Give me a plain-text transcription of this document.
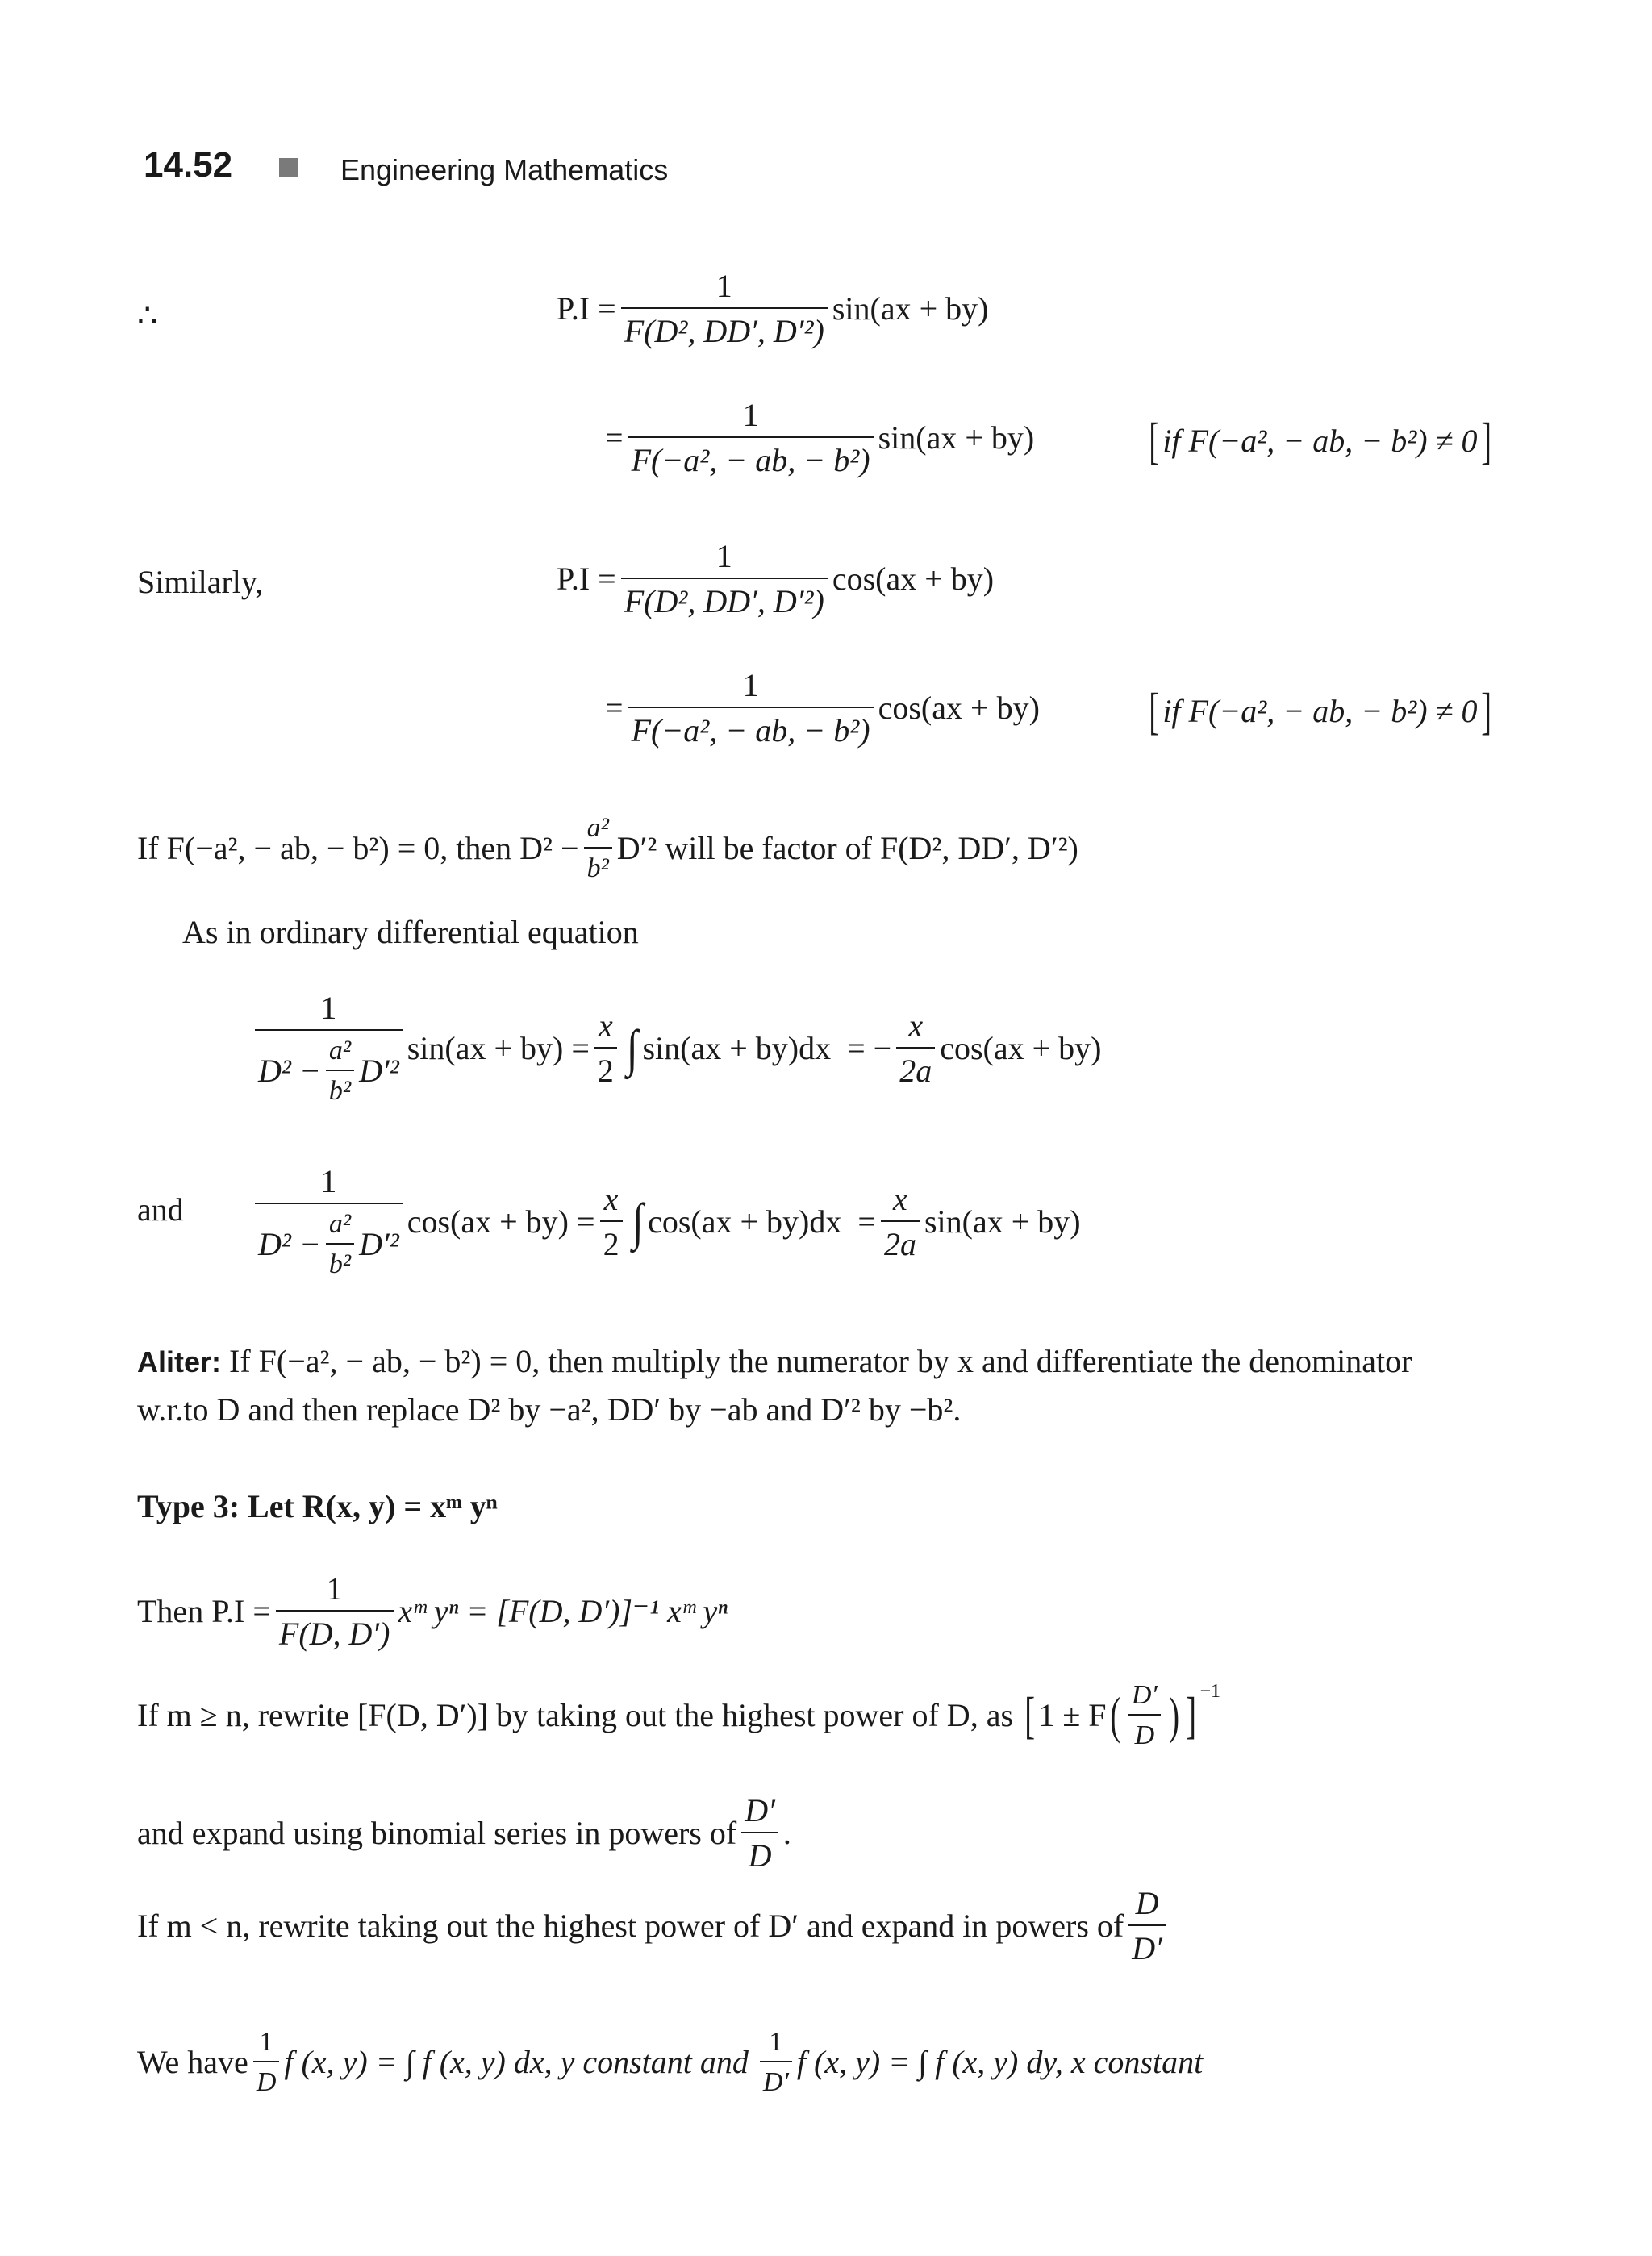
14.52	Engineering Mathematics
∴	$P.I = \frac{1}{\text{F(D², DD′, D′²)}} \sin(ax + by)$
= $\frac{1}{\text{F(−a², − ab, − b²)}} \sin(ax + by)$ [ if F(−a², − ab, − b²) ≠ 0 ]
Similarly,	$P.I = \frac{1}{\text{F(D², DD′, D′²)}} \cos(ax + by)$
= $\frac{1}{\text{F(−a², − ab, − b²)}} \cos(ax + by)$ [ if F(−a², − ab, − b²) ≠ 0 ]
If F(−a², − ab, − b²) = 0, then $D^2 - \frac{\text{a²}}{\text{b²}} D'^2$ will be factor of F(D², DD′, D′²)
As in ordinary differential equation
$\frac{1}{D^2 - \frac{\text{a²}}{\text{b²}} D'^2} \sin(ax + by) = \frac{x}{2}$ ∫ sin(ax + by)dx = − $\frac{x}{2a} \cos(ax + by)$
and $\frac{1}{D^2 - \frac{\text{a²}}{\text{b²}} D'^2} \cos(ax + by) = \frac{x}{2}$ ∫ $\cos(ax + by)dx = \frac{x}{2a} \sin(ax + by)$
Aliter: If F(−a², − ab, − b²) = 0, then multiply the numerator by x and differentiate the denominator
w.r.to D and then replace D² by −a², DD′ by −ab and D′² by −b².
Type 3: Let R(x, y) = xᵐ yⁿ
Then $P.I = \frac{1}{F(D, D')}$ xᵐ yⁿ = [F(D, D′)]⁻¹ xᵐ yⁿ
If m ≥ n, rewrite [F(D, D′)] by taking out the highest power of D, as [ 1 ± F ( $\frac{D'}{D}$ ) ] −1
and expand using binomial series in powers of $\frac{D'}{D}$ .
If m < n, rewrite taking out the highest power of D′ and expand in powers of $\frac{D}{D'}$
We have $\frac{1}{D}$ f (x, y) = ∫ f (x, y) dx, y constant and $\frac{1}{D'}$ f (x, y) = ∫ f (x, y) dy, x constant
